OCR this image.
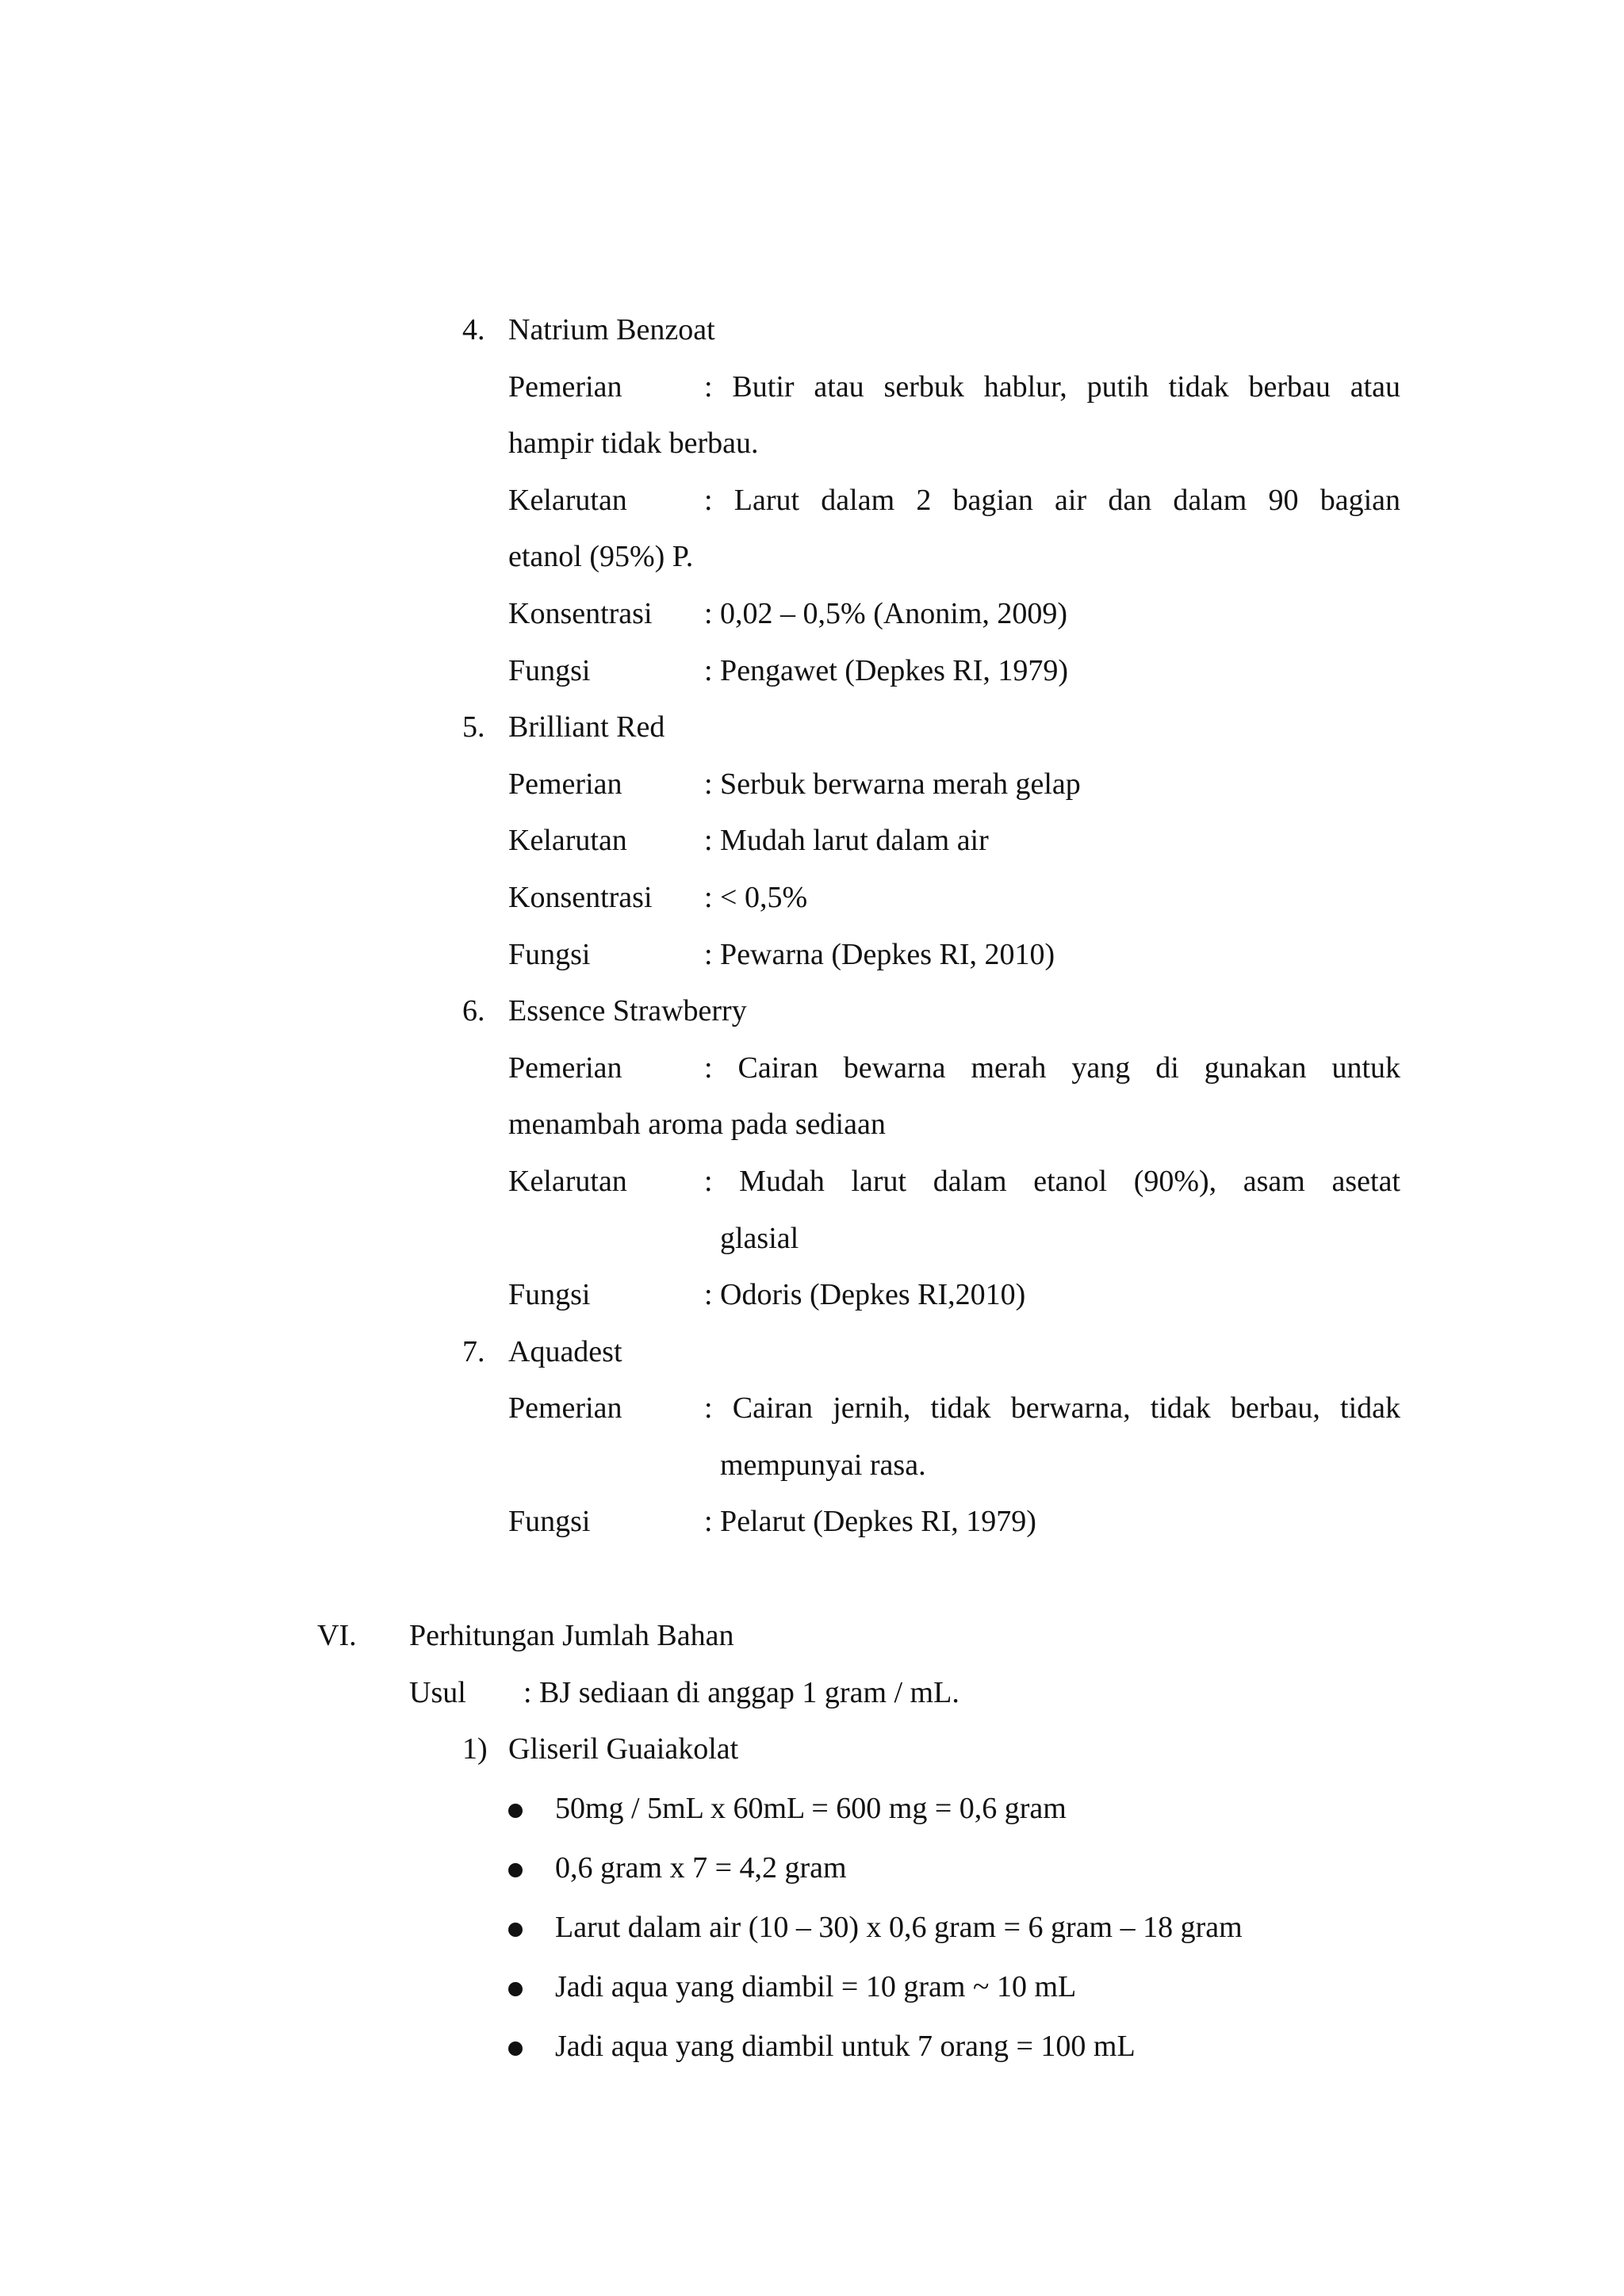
4. Natrium Benzoat
Pemerian	: Butir atau serbuk hablur, putih tidak berbau atau
hampir tidak berbau.
Kelarutan	: Larut dalam 2 bagian air dan dalam 90 bagian
etanol (95%) P.
Konsentrasi : 0,02 – 0,5% (Anonim, 2009)
Fungsi	: Pengawet (Depkes RI, 1979)
5. Brilliant Red
Pemerian	: Serbuk berwarna merah gelap
Kelarutan	: Mudah larut dalam air
Konsentrasi : < 0,5%
Fungsi	: Pewarna (Depkes RI, 2010)
6. Essence Strawberry
Pemerian	: Cairan bewarna merah yang di gunakan untuk
menambah aroma pada sediaan
Kelarutan	: Mudah larut dalam etanol (90%), asam asetat
glasial
Fungsi	: Odoris (Depkes RI,2010)
7. Aquadest
Pemerian	: Cairan jernih, tidak berwarna, tidak berbau, tidak
mempunyai rasa.
Fungsi	: Pelarut (Depkes RI, 1979)
VI. Perhitungan Jumlah Bahan
Usul : BJ sediaan di anggap 1 gram / mL.
1) Gliseril Guaiakolat
50mg / 5mL x 60mL = 600 mg = 0,6 gram
0,6 gram x 7 = 4,2 gram
Larut dalam air (10 – 30) x 0,6 gram = 6 gram – 18 gram
Jadi aqua yang diambil = 10 gram ~ 10 mL
Jadi aqua yang diambil untuk 7 orang = 100 mL
